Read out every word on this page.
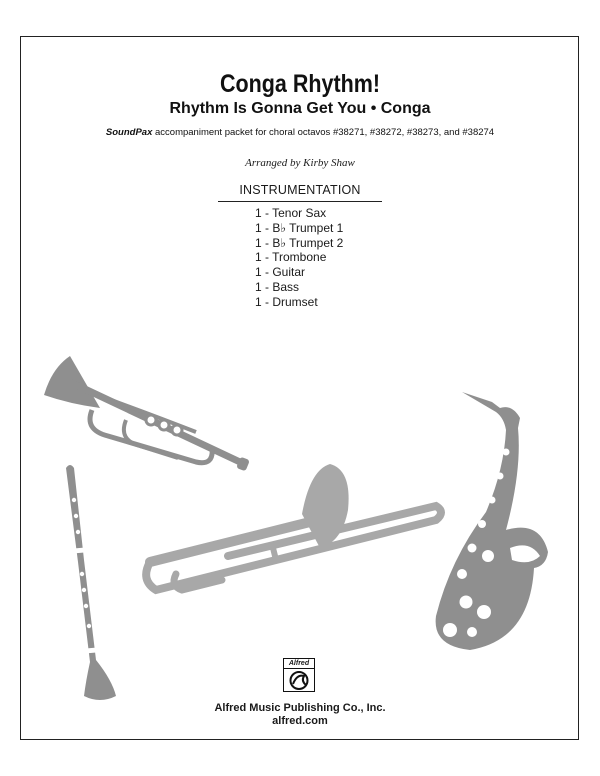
Conga Rhythm!
Rhythm Is Gonna Get You • Conga
SoundPax accompaniment packet for choral octavos #38271, #38272, #38273, and #38274
Arranged by Kirby Shaw
INSTRUMENTATION
1 - Tenor Sax
1 - B♭ Trumpet 1
1 - B♭ Trumpet 2
1 - Trombone
1 - Guitar
1 - Bass
1 - Drumset
Alfred
Alfred Music Publishing Co., Inc.
alfred.com
